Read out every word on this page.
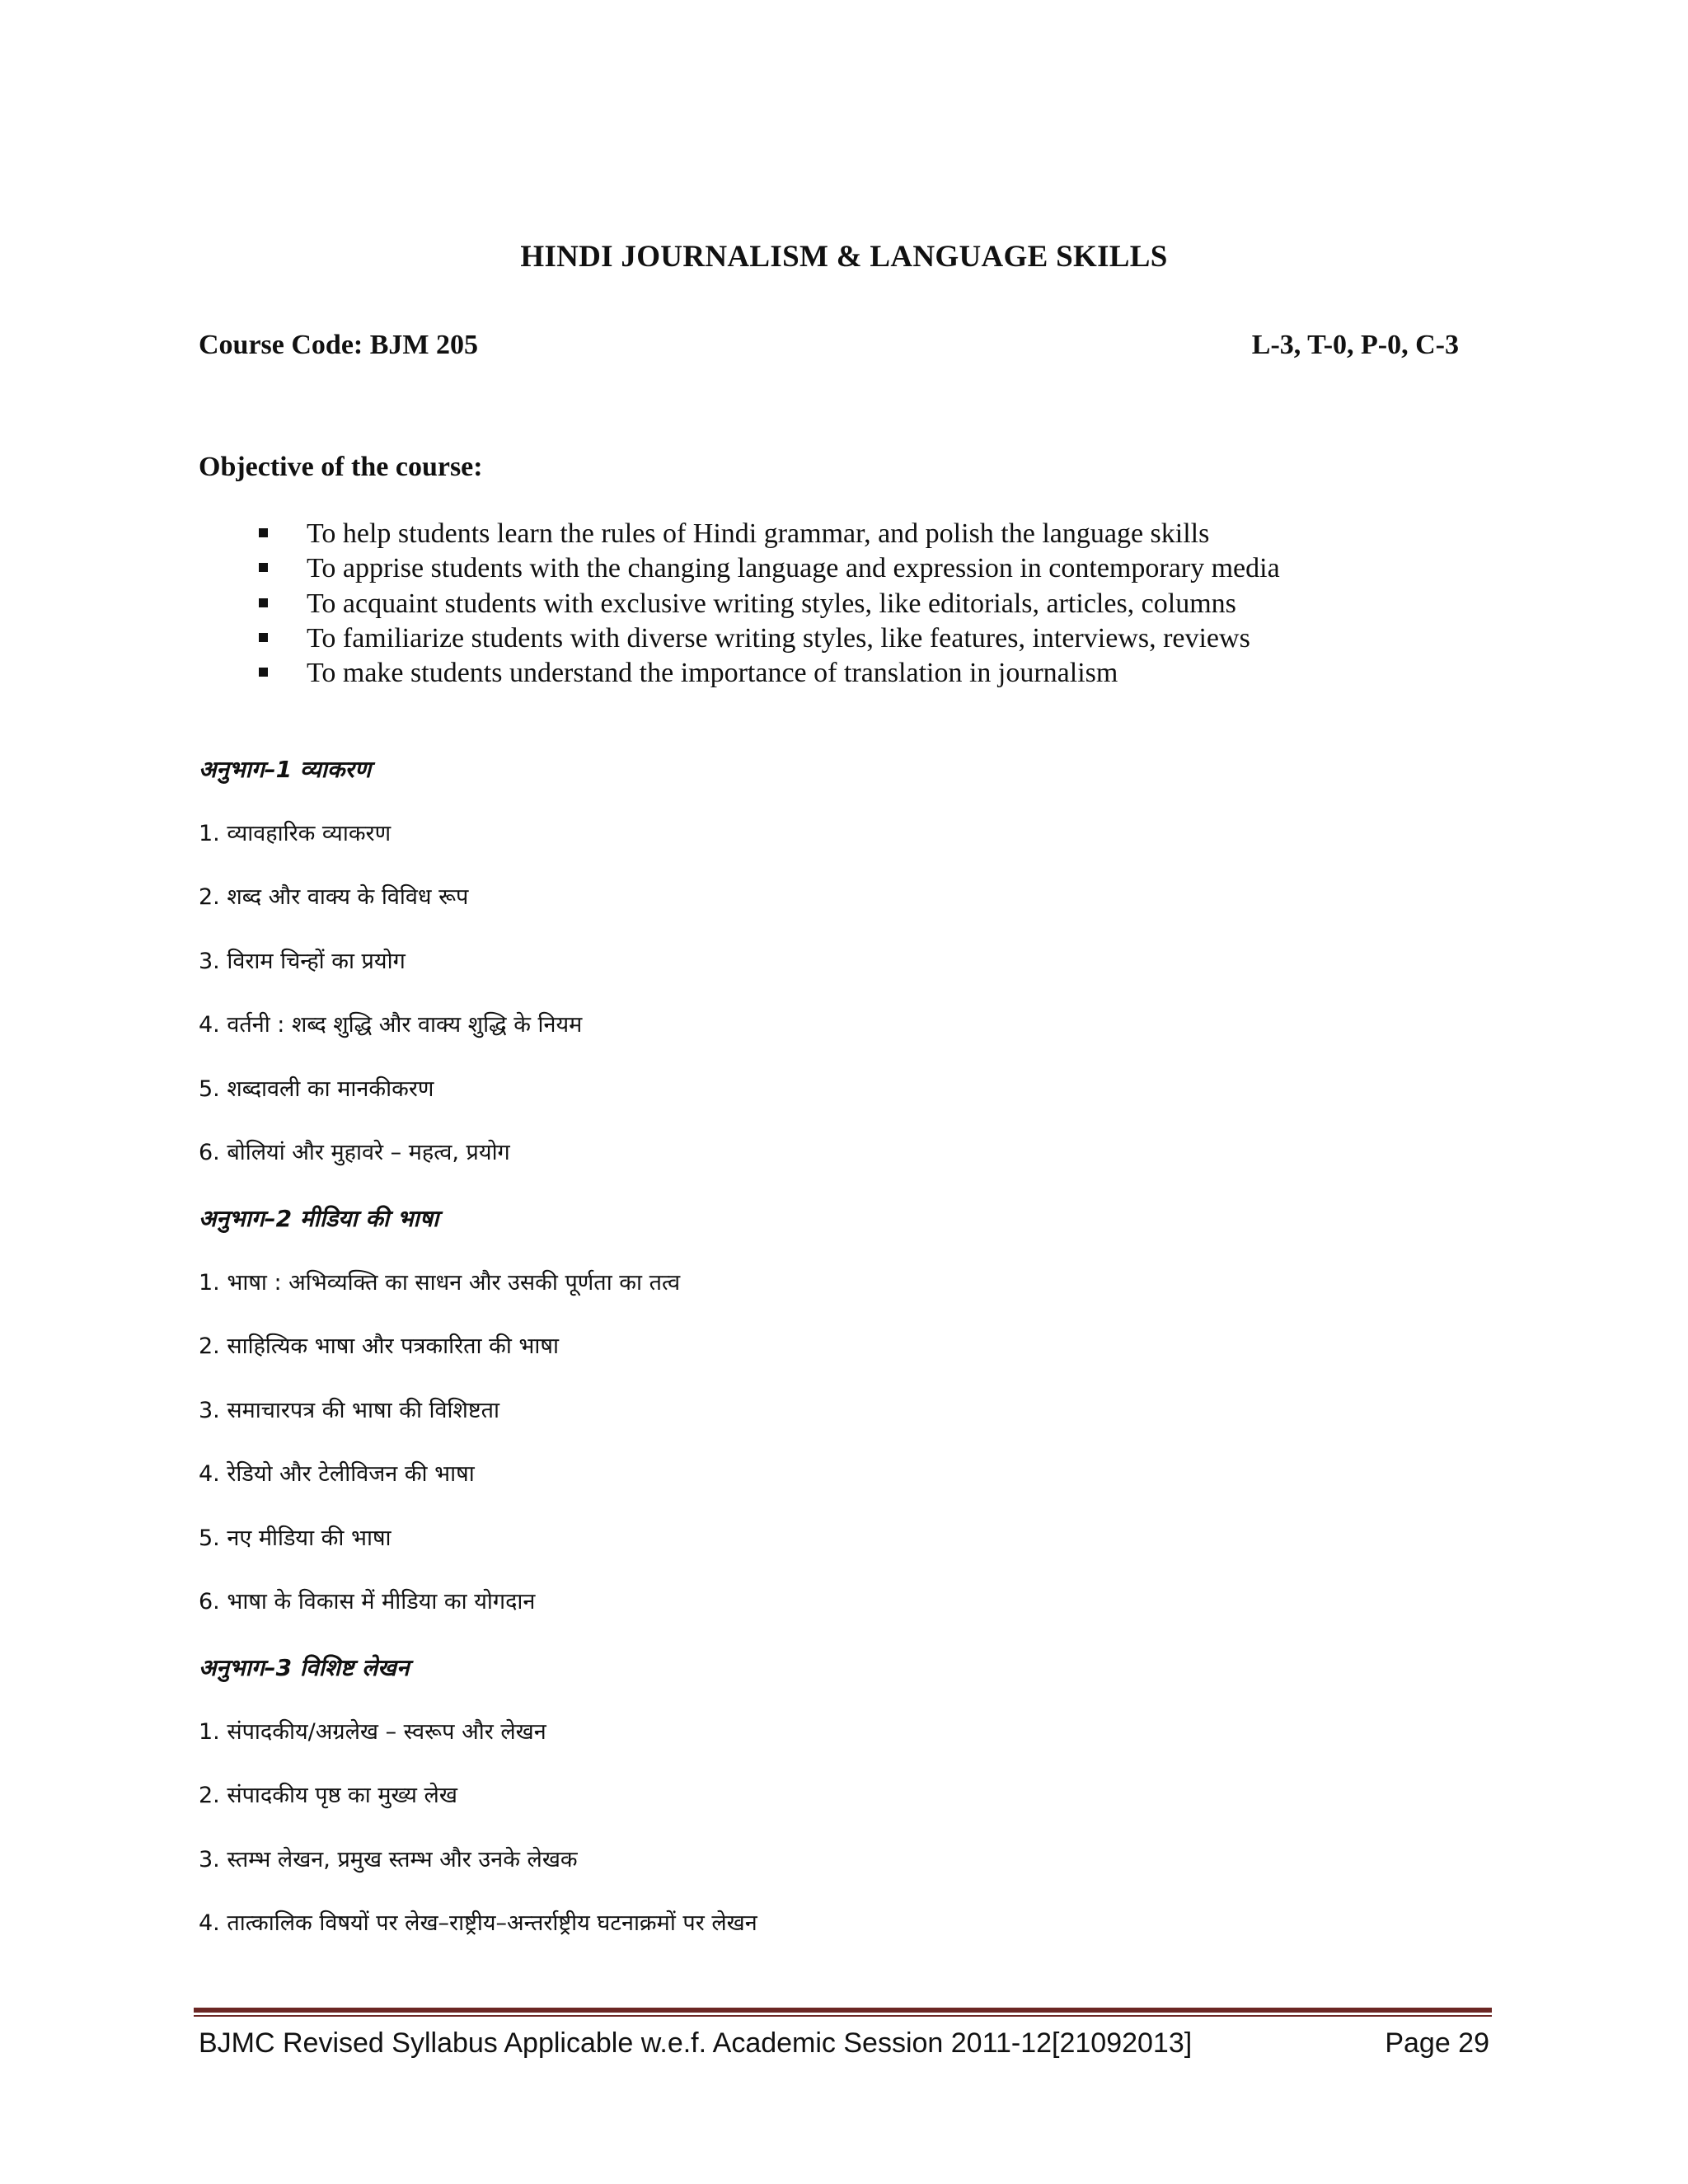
HINDI JOURNALISM & LANGUAGE SKILLS
Course Code: BJM 205	L-3, T-0, P-0, C-3
Objective of the course:
To help students learn the rules of Hindi grammar, and polish the language skills
To apprise students with the changing language and expression in contemporary media
To acquaint students with exclusive writing styles, like editorials, articles, columns
To familiarize students with diverse writing styles, like features, interviews, reviews
To make students understand the importance of translation in journalism
अनुभाग–1 व्याकरण
1. व्यावहारिक व्याकरण
2. शब्द और वाक्य के विविध रूप
3. विराम चिन्हों का प्रयोग
4. वर्तनी : शब्द शुद्धि और वाक्य शुद्धि के नियम
5. शब्दावली का मानकीकरण
6. बोलियां और मुहावरे – महत्व, प्रयोग
अनुभाग–2 मीडिया की भाषा
1. भाषा : अभिव्यक्ति का साधन और उसकी पूर्णता का तत्व
2. साहित्यिक भाषा और पत्रकारिता की भाषा
3. समाचारपत्र की भाषा की विशिष्टता
4. रेडियो और टेलीविजन की भाषा
5. नए मीडिया की भाषा
6. भाषा के विकास में मीडिया का योगदान
अनुभाग–3 विशिष्ट लेखन
1. संपादकीय/अग्रलेख – स्वरूप और लेखन
2. संपादकीय पृष्ठ का मुख्य लेख
3. स्तम्भ लेखन, प्रमुख स्तम्भ और उनके लेखक
4. तात्कालिक विषयों पर लेख–राष्ट्रीय–अन्तर्राष्ट्रीय घटनाक्रमों पर लेखन
BJMC Revised Syllabus Applicable w.e.f. Academic Session 2011-12[21092013]	Page 29
